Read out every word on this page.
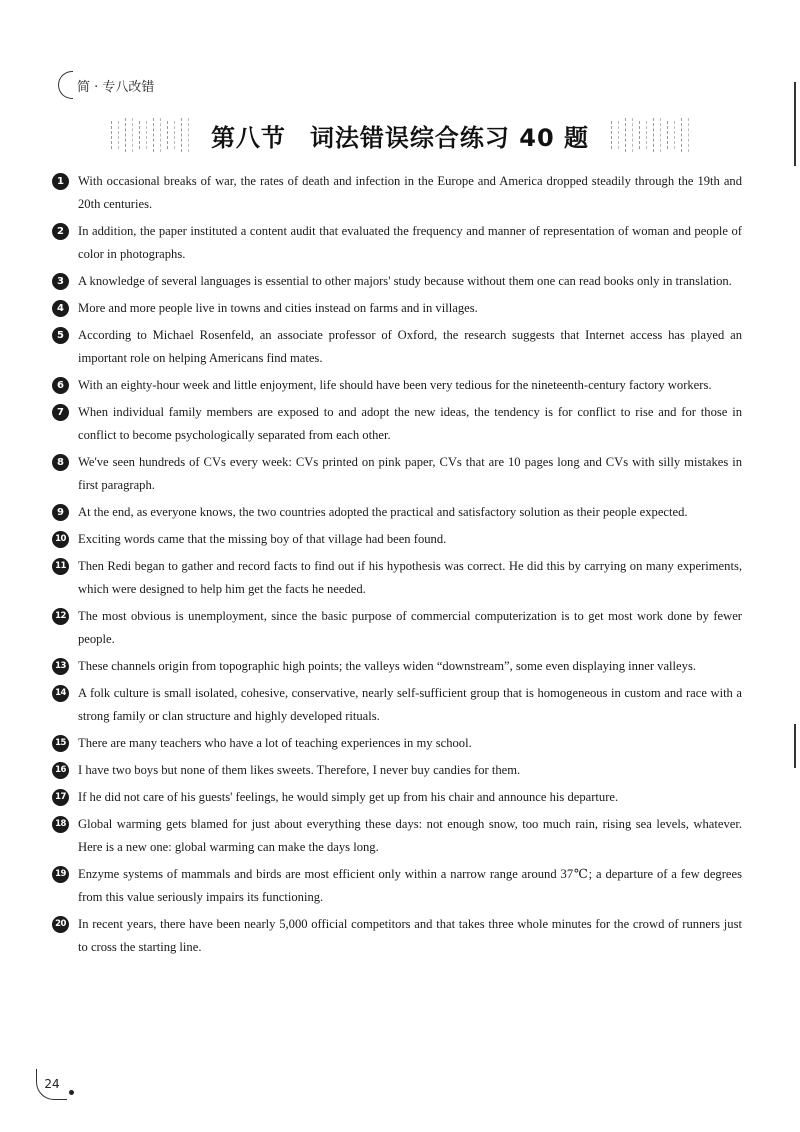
简 · 专八改错
第八节 词法错误综合练习 40 题
1	With occasional breaks of war, the rates of death and infection in the Europe and America dropped steadily through the 19th and 20th centuries.
2	In addition, the paper instituted a content audit that evaluated the frequency and manner of representation of woman and people of color in photographs.
3	A knowledge of several languages is essential to other majors' study because without them one can read books only in translation.
4	More and more people live in towns and cities instead on farms and in villages.
5	According to Michael Rosenfeld, an associate professor of Oxford, the research suggests that Internet access has played an important role on helping Americans find mates.
6	With an eighty-hour week and little enjoyment, life should have been very tedious for the nineteenth-century factory workers.
7	When individual family members are exposed to and adopt the new ideas, the tendency is for conflict to rise and for those in conflict to become psychologically separated from each other.
8	We've seen hundreds of CVs every week: CVs printed on pink paper, CVs that are 10 pages long and CVs with silly mistakes in first paragraph.
9	At the end, as everyone knows, the two countries adopted the practical and satisfactory solution as their people expected.
10 Exciting words came that the missing boy of that village had been found.
11 Then Redi began to gather and record facts to find out if his hypothesis was correct. He did this by carrying on many experiments, which were designed to help him get the facts he needed.
12 The most obvious is unemployment, since the basic purpose of commercial computerization is to get most work done by fewer people.
13 These channels origin from topographic high points; the valleys widen “downstream”, some even displaying inner valleys.
14 A folk culture is small isolated, cohesive, conservative, nearly self-sufficient group that is homogeneous in custom and race with a strong family or clan structure and highly developed rituals.
15 There are many teachers who have a lot of teaching experiences in my school.
16 I have two boys but none of them likes sweets. Therefore, I never buy candies for them.
17 If he did not care of his guests' feelings, he would simply get up from his chair and announce his departure.
18 Global warming gets blamed for just about everything these days: not enough snow, too much rain, rising sea levels, whatever. Here is a new one: global warming can make the days long.
19 Enzyme systems of mammals and birds are most efficient only within a narrow range around 37℃; a departure of a few degrees from this value seriously impairs its functioning.
20 In recent years, there have been nearly 5,000 official competitors and that takes three whole minutes for the crowd of runners just to cross the starting line.
24
